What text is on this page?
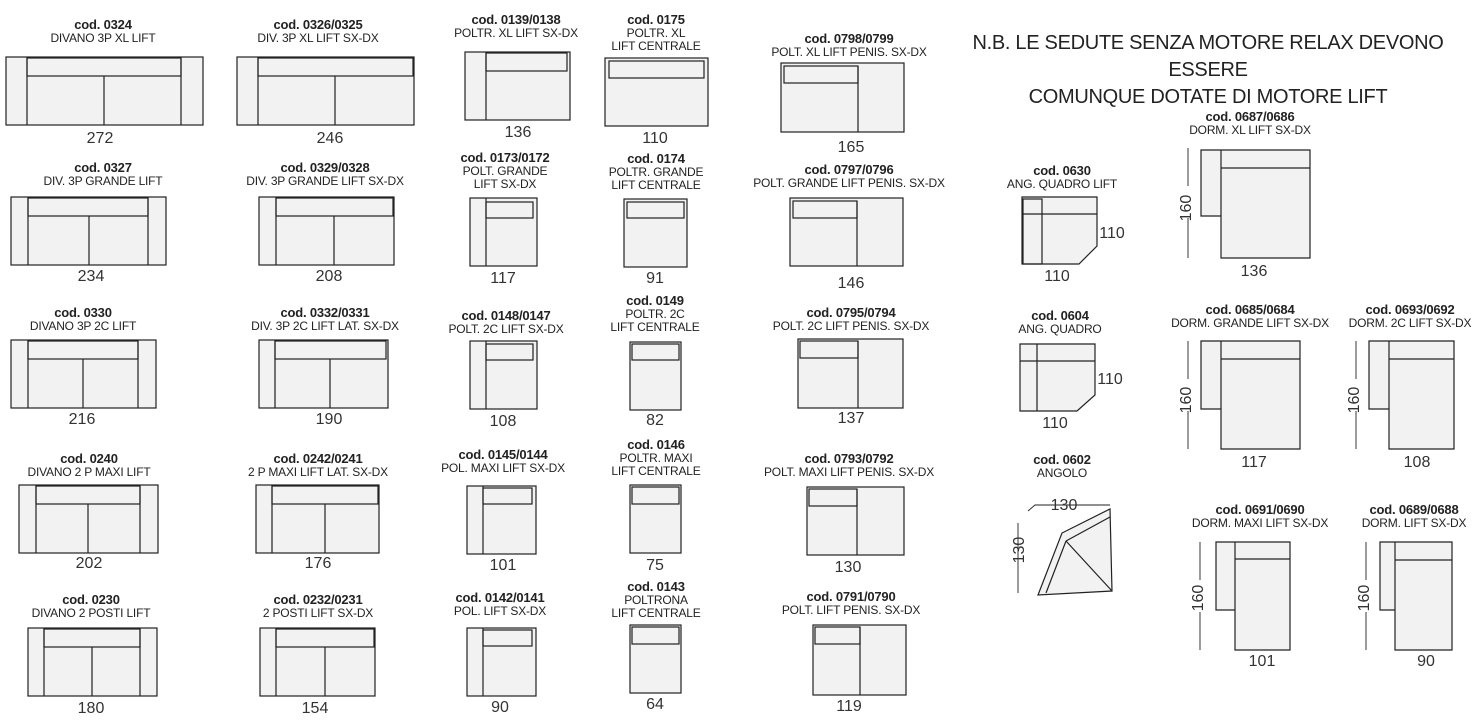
N.B. LE SEDUTE SENZA MOTORE RELAX DEVONO ESSERE
COMUNQUE DOTATE DI MOTORE LIFT
cod. 0324
DIVANO 3P XL LIFT
272
cod. 0327
DIV. 3P GRANDE LIFT
234
cod. 0330
DIVANO 3P 2C LIFT
216
cod. 0240
DIVANO 2 P MAXI LIFT
202
cod. 0230
DIVANO 2 POSTI LIFT
180
cod. 0326/0325
DIV. 3P XL LIFT SX-DX
246
cod. 0329/0328
DIV. 3P GRANDE LIFT SX-DX
208
cod. 0332/0331
DIV. 3P 2C LIFT LAT. SX-DX
190
cod. 0242/0241
2 P MAXI LIFT LAT. SX-DX
176
cod. 0232/0231
2 POSTI LIFT SX-DX
154
cod. 0139/0138
POLTR. XL LIFT SX-DX
136
cod. 0173/0172
POLT. GRANDE
LIFT SX-DX
117
cod. 0148/0147
POLT. 2C LIFT SX-DX
108
cod. 0145/0144
POL. MAXI LIFT SX-DX
101
cod. 0142/0141
POL. LIFT SX-DX
90
cod. 0175
POLTR. XL
LIFT CENTRALE
110
cod. 0174
POLTR. GRANDE
LIFT CENTRALE
91
cod. 0149
POLTR. 2C
LIFT CENTRALE
82
cod. 0146
POLTR. MAXI
LIFT CENTRALE
75
cod. 0143
POLTRONA
LIFT CENTRALE
64
cod. 0798/0799
POLT. XL LIFT PENIS. SX-DX
165
cod. 0797/0796
POLT. GRANDE LIFT PENIS. SX-DX
146
cod. 0795/0794
POLT. 2C LIFT PENIS. SX-DX
137
cod. 0793/0792
POLT. MAXI LIFT PENIS. SX-DX
130
cod. 0791/0790
POLT. LIFT PENIS. SX-DX
119
cod. 0630
ANG. QUADRO LIFT
110
110
cod. 0604
ANG. QUADRO
110
110
cod. 0602
ANGOLO
130
130
cod. 0687/0686
DORM. XL LIFT SX-DX
160
136
cod. 0685/0684
DORM. GRANDE LIFT SX-DX
160
117
cod. 0693/0692
DORM. 2C LIFT SX-DX
160
108
cod. 0691/0690
DORM. MAXI LIFT SX-DX
160
101
cod. 0689/0688
DORM. LIFT SX-DX
160
90
